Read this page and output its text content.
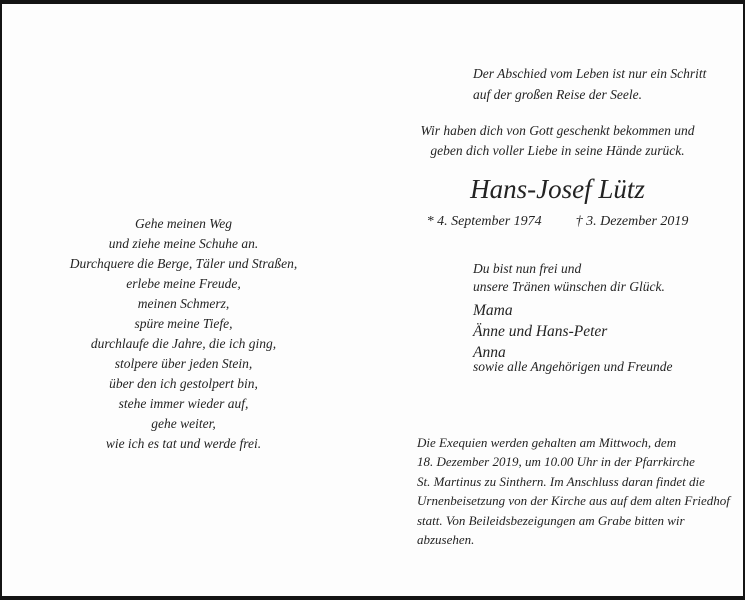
Gehe meinen Weg
und ziehe meine Schuhe an.
Durchquere die Berge, Täler und Straßen,
erlebe meine Freude,
meinen Schmerz,
spüre meine Tiefe,
durchlaufe die Jahre, die ich ging,
stolpere über jeden Stein,
über den ich gestolpert bin,
stehe immer wieder auf,
gehe weiter,
wie ich es tat und werde frei.
Der Abschied vom Leben ist nur ein Schritt
auf der großen Reise der Seele.
Wir haben dich von Gott geschenkt bekommen und
geben dich voller Liebe in seine Hände zurück.
Hans-Josef Lütz
* 4. September 1974 † 3. Dezember 2019
Du bist nun frei und
unsere Tränen wünschen dir Glück.
Mama
Änne und Hans-Peter
Anna
sowie alle Angehörigen und Freunde
Die Exequien werden gehalten am Mittwoch, dem
18. Dezember 2019, um 10.00 Uhr in der Pfarrkirche
St. Martinus zu Sinthern. Im Anschluss daran findet die
Urnenbeisetzung von der Kirche aus auf dem alten Friedhof
statt. Von Beileidsbezeigungen am Grabe bitten wir
abzusehen.
